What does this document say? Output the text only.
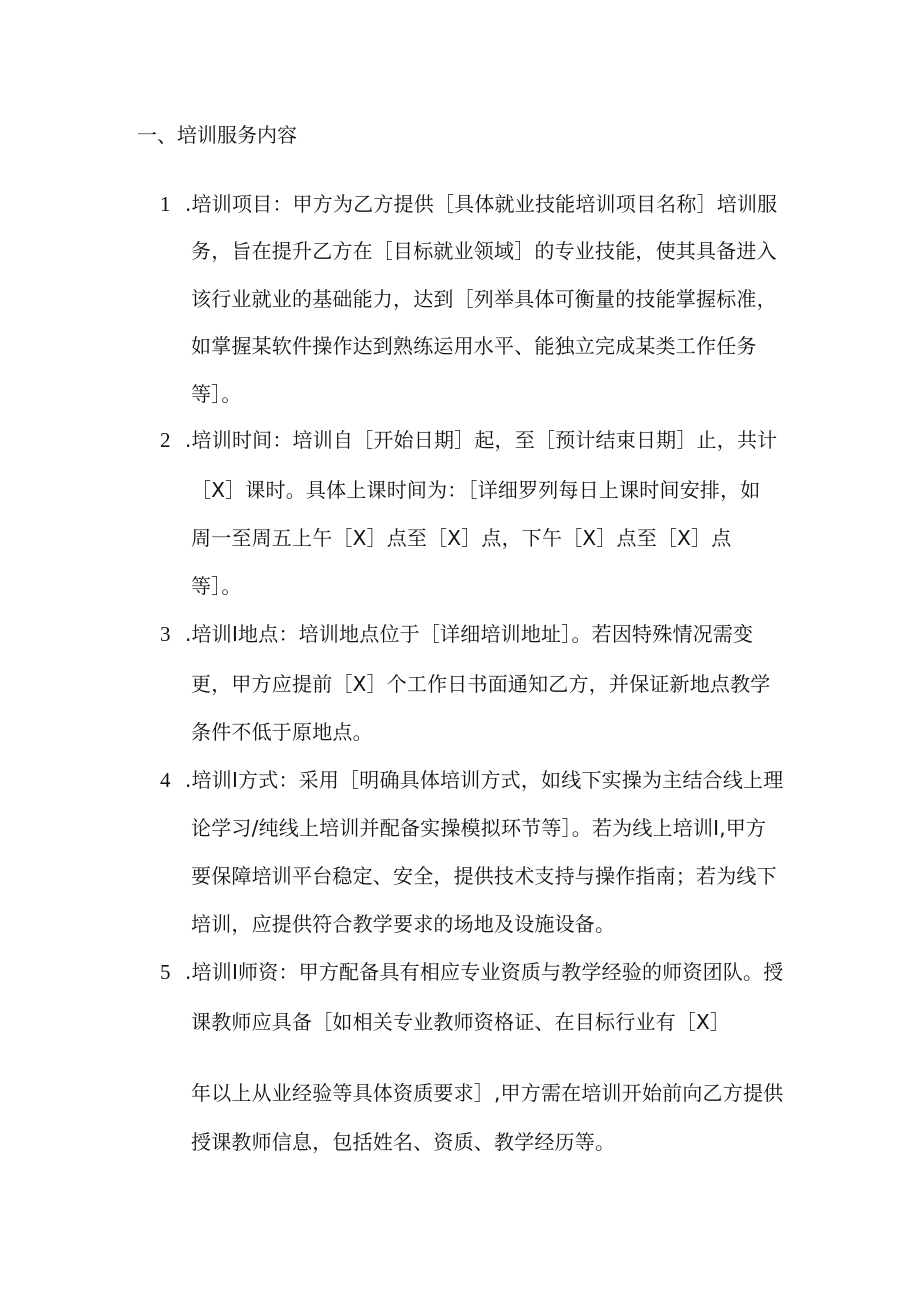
一、培训服务内容
1 .培训项目：甲方为乙方提供［具体就业技能培训项目名称］培训服
务，旨在提升乙方在［目标就业领域］的专业技能，使其具备进入
该行业就业的基础能力，达到［列举具体可衡量的技能掌握标准，
如掌握某软件操作达到熟练运用水平、能独立完成某类工作任务
等］。
2 .培训时间：培训自［开始日期］起，至［预计结束日期］止，共计
［X］课时。具体上课时间为：［详细罗列每日上课时间安排，如
周一至周五上午［X］点至［X］点，下午［X］点至［X］点
等］。
3 .培训I地点：培训地点位于［详细培训地址］。若因特殊情况需变
更，甲方应提前［X］个工作日书面通知乙方，并保证新地点教学
条件不低于原地点。
4 .培训I方式：采用［明确具体培训方式，如线下实操为主结合线上理
论学习/纯线上培训并配备实操模拟环节等］。若为线上培训I,甲方
要保障培训平台稳定、安全，提供技术支持与操作指南；若为线下
培训，应提供符合教学要求的场地及设施设备。
5 .培训I师资：甲方配备具有相应专业资质与教学经验的师资团队。授
课教师应具备［如相关专业教师资格证、在目标行业有［X］
年以上从业经验等具体资质要求］,甲方需在培训开始前向乙方提供
授课教师信息，包括姓名、资质、教学经历等。
